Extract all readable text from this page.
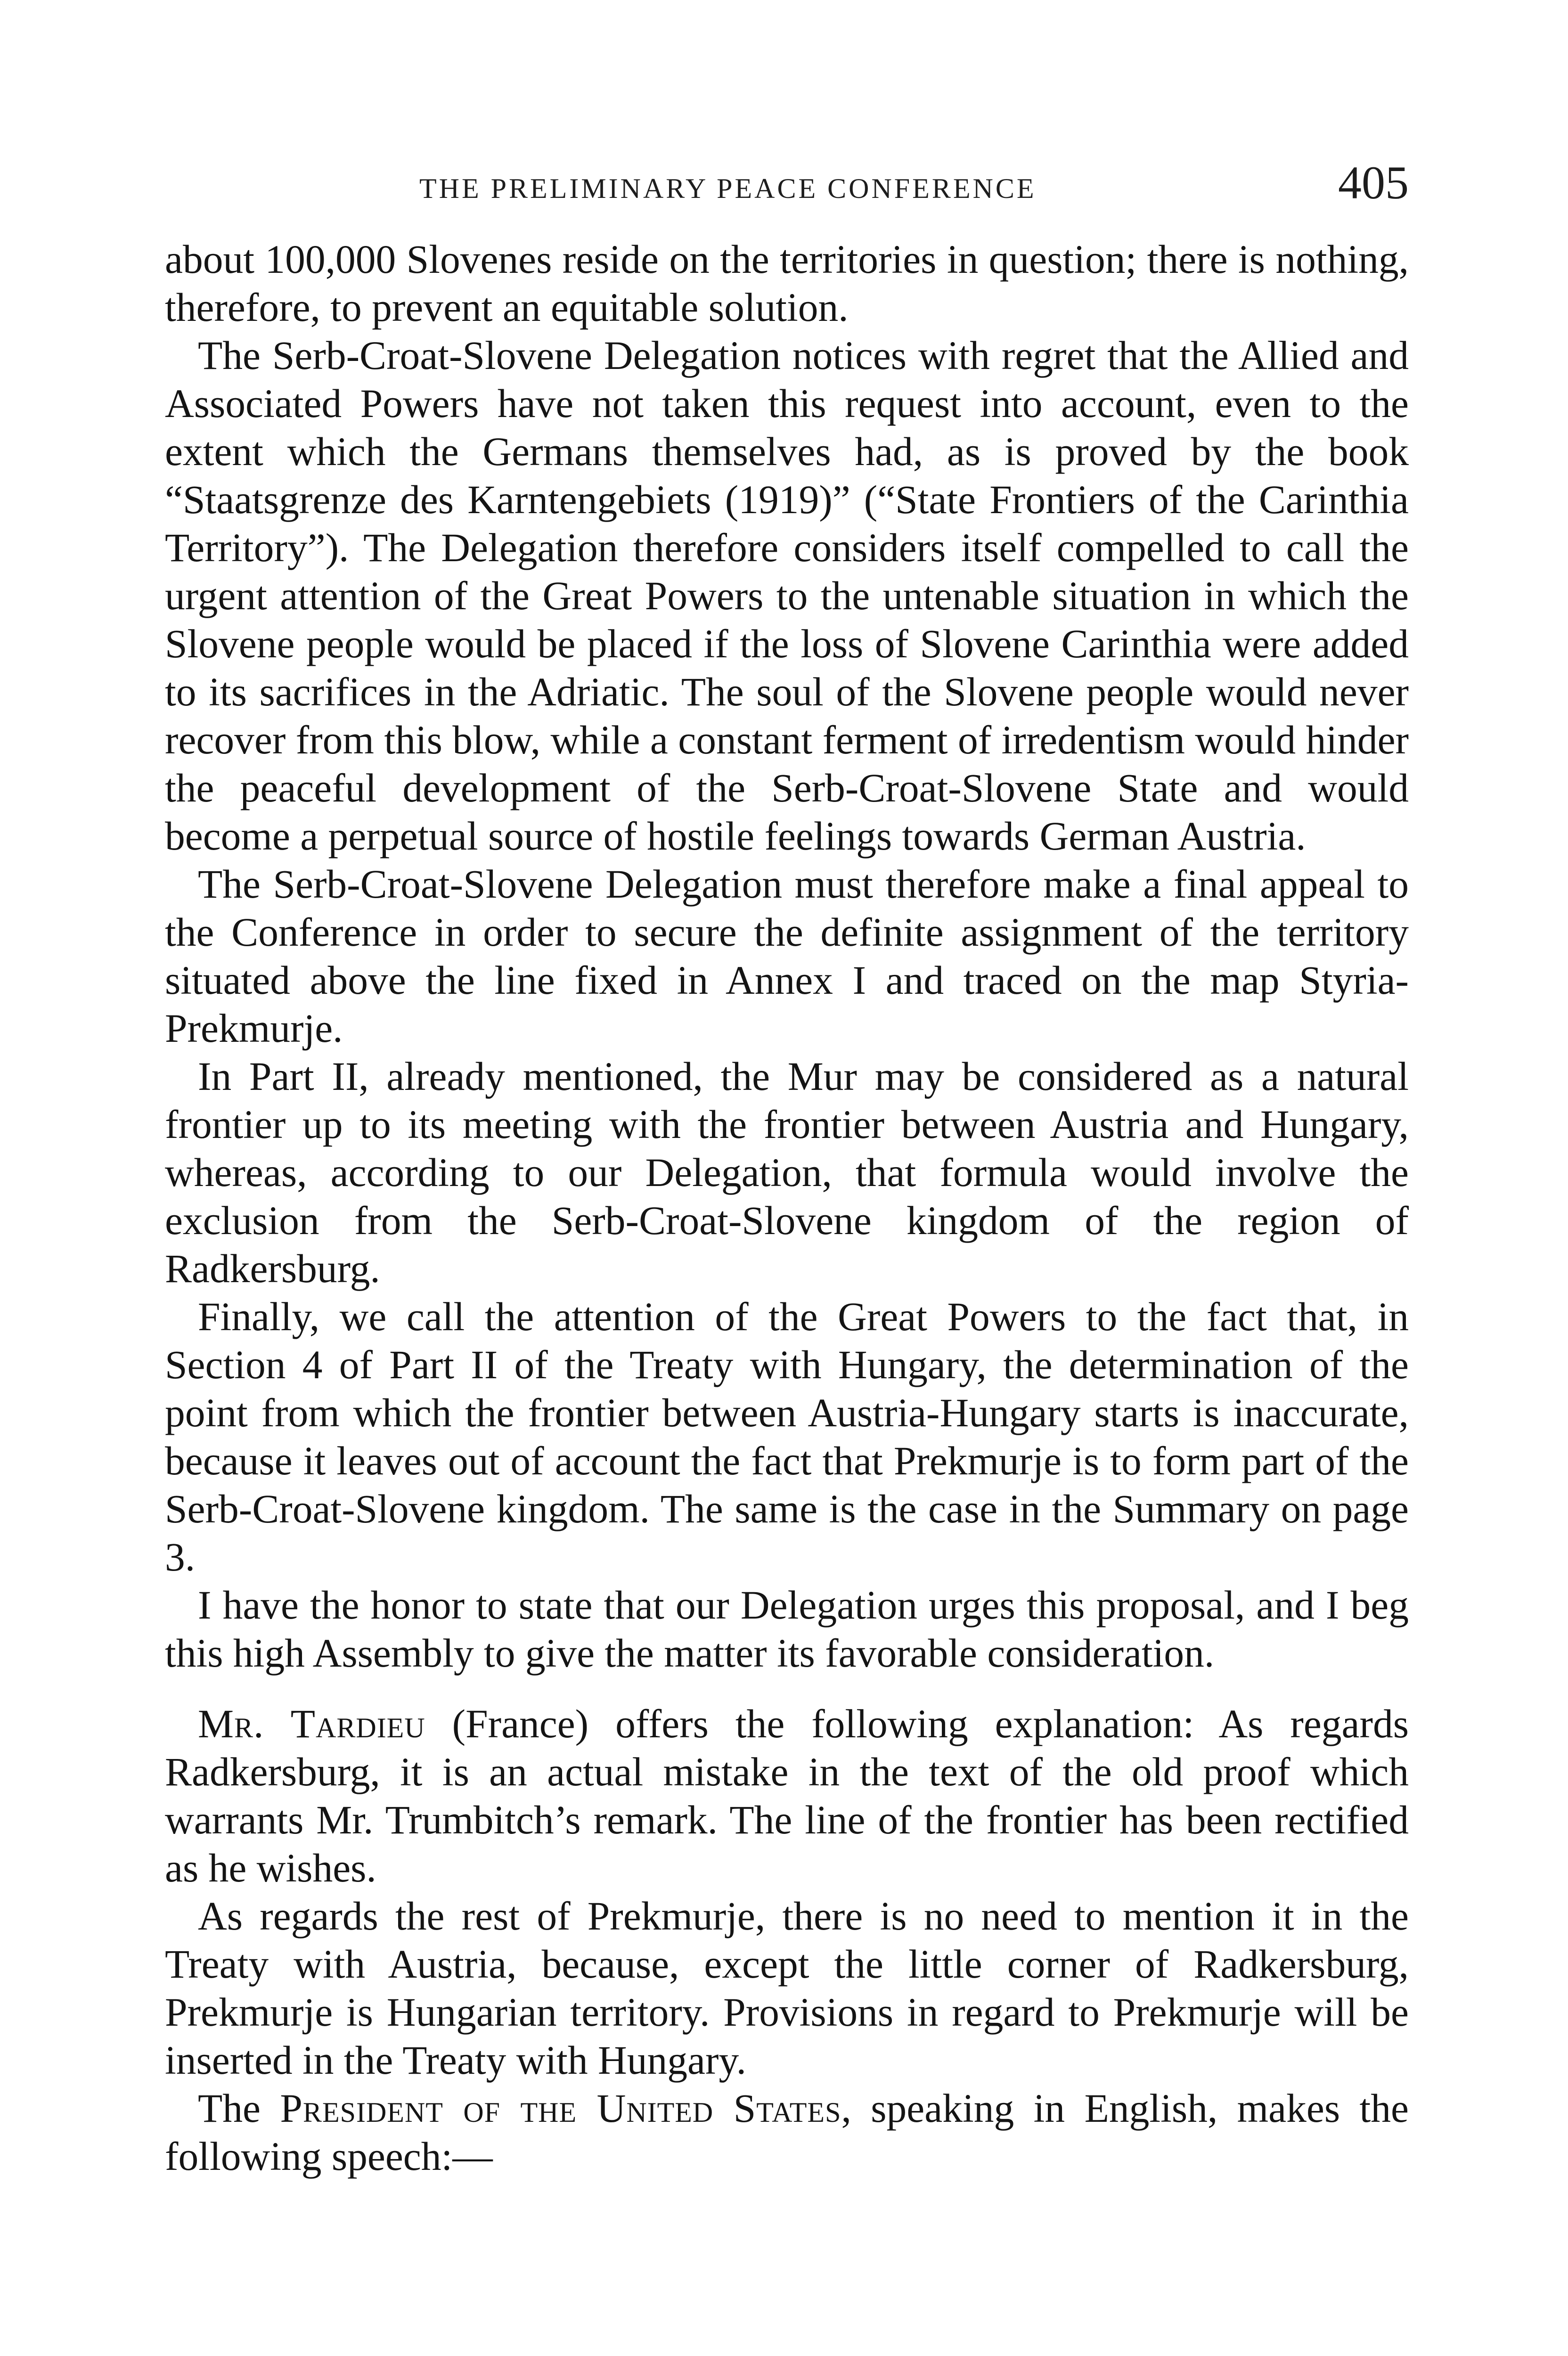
THE PRELIMINARY PEACE CONFERENCE	405

about 100,000 Slovenes reside on the territories in question; there is nothing, therefore, to prevent an equitable solution.

The Serb-Croat-Slovene Delegation notices with regret that the Allied and Associated Powers have not taken this request into account, even to the extent which the Germans themselves had, as is proved by the book “Staatsgrenze des Karntengebiets (1919)” (“State Frontiers of the Carinthia Territory”). The Delegation therefore considers itself compelled to call the urgent attention of the Great Powers to the untenable situation in which the Slovene people would be placed if the loss of Slovene Carinthia were added to its sacrifices in the Adriatic. The soul of the Slovene people would never recover from this blow, while a constant ferment of irredentism would hinder the peaceful development of the Serb-Croat-Slovene State and would become a perpetual source of hostile feelings towards German Austria.

The Serb-Croat-Slovene Delegation must therefore make a final appeal to the Conference in order to secure the definite assignment of the territory situated above the line fixed in Annex I and traced on the map Styria-Prekmurje.

In Part II, already mentioned, the Mur may be considered as a natural frontier up to its meeting with the frontier between Austria and Hungary, whereas, according to our Delegation, that formula would involve the exclusion from the Serb-Croat-Slovene kingdom of the region of Radkersburg.

Finally, we call the attention of the Great Powers to the fact that, in Section 4 of Part II of the Treaty with Hungary, the determination of the point from which the frontier between Austria-Hungary starts is inaccurate, because it leaves out of account the fact that Prekmurje is to form part of the Serb-Croat-Slovene kingdom. The same is the case in the Summary on page 3.

I have the honor to state that our Delegation urges this proposal, and I beg this high Assembly to give the matter its favorable consideration.

Mr. Tardieu (France) offers the following explanation: As regards Radkersburg, it is an actual mistake in the text of the old proof which warrants Mr. Trumbitch’s remark. The line of the frontier has been rectified as he wishes.

As regards the rest of Prekmurje, there is no need to mention it in the Treaty with Austria, because, except the little corner of Radkersburg, Prekmurje is Hungarian territory. Provisions in regard to Prekmurje will be inserted in the Treaty with Hungary.

The President of the United States, speaking in English, makes the following speech:—
